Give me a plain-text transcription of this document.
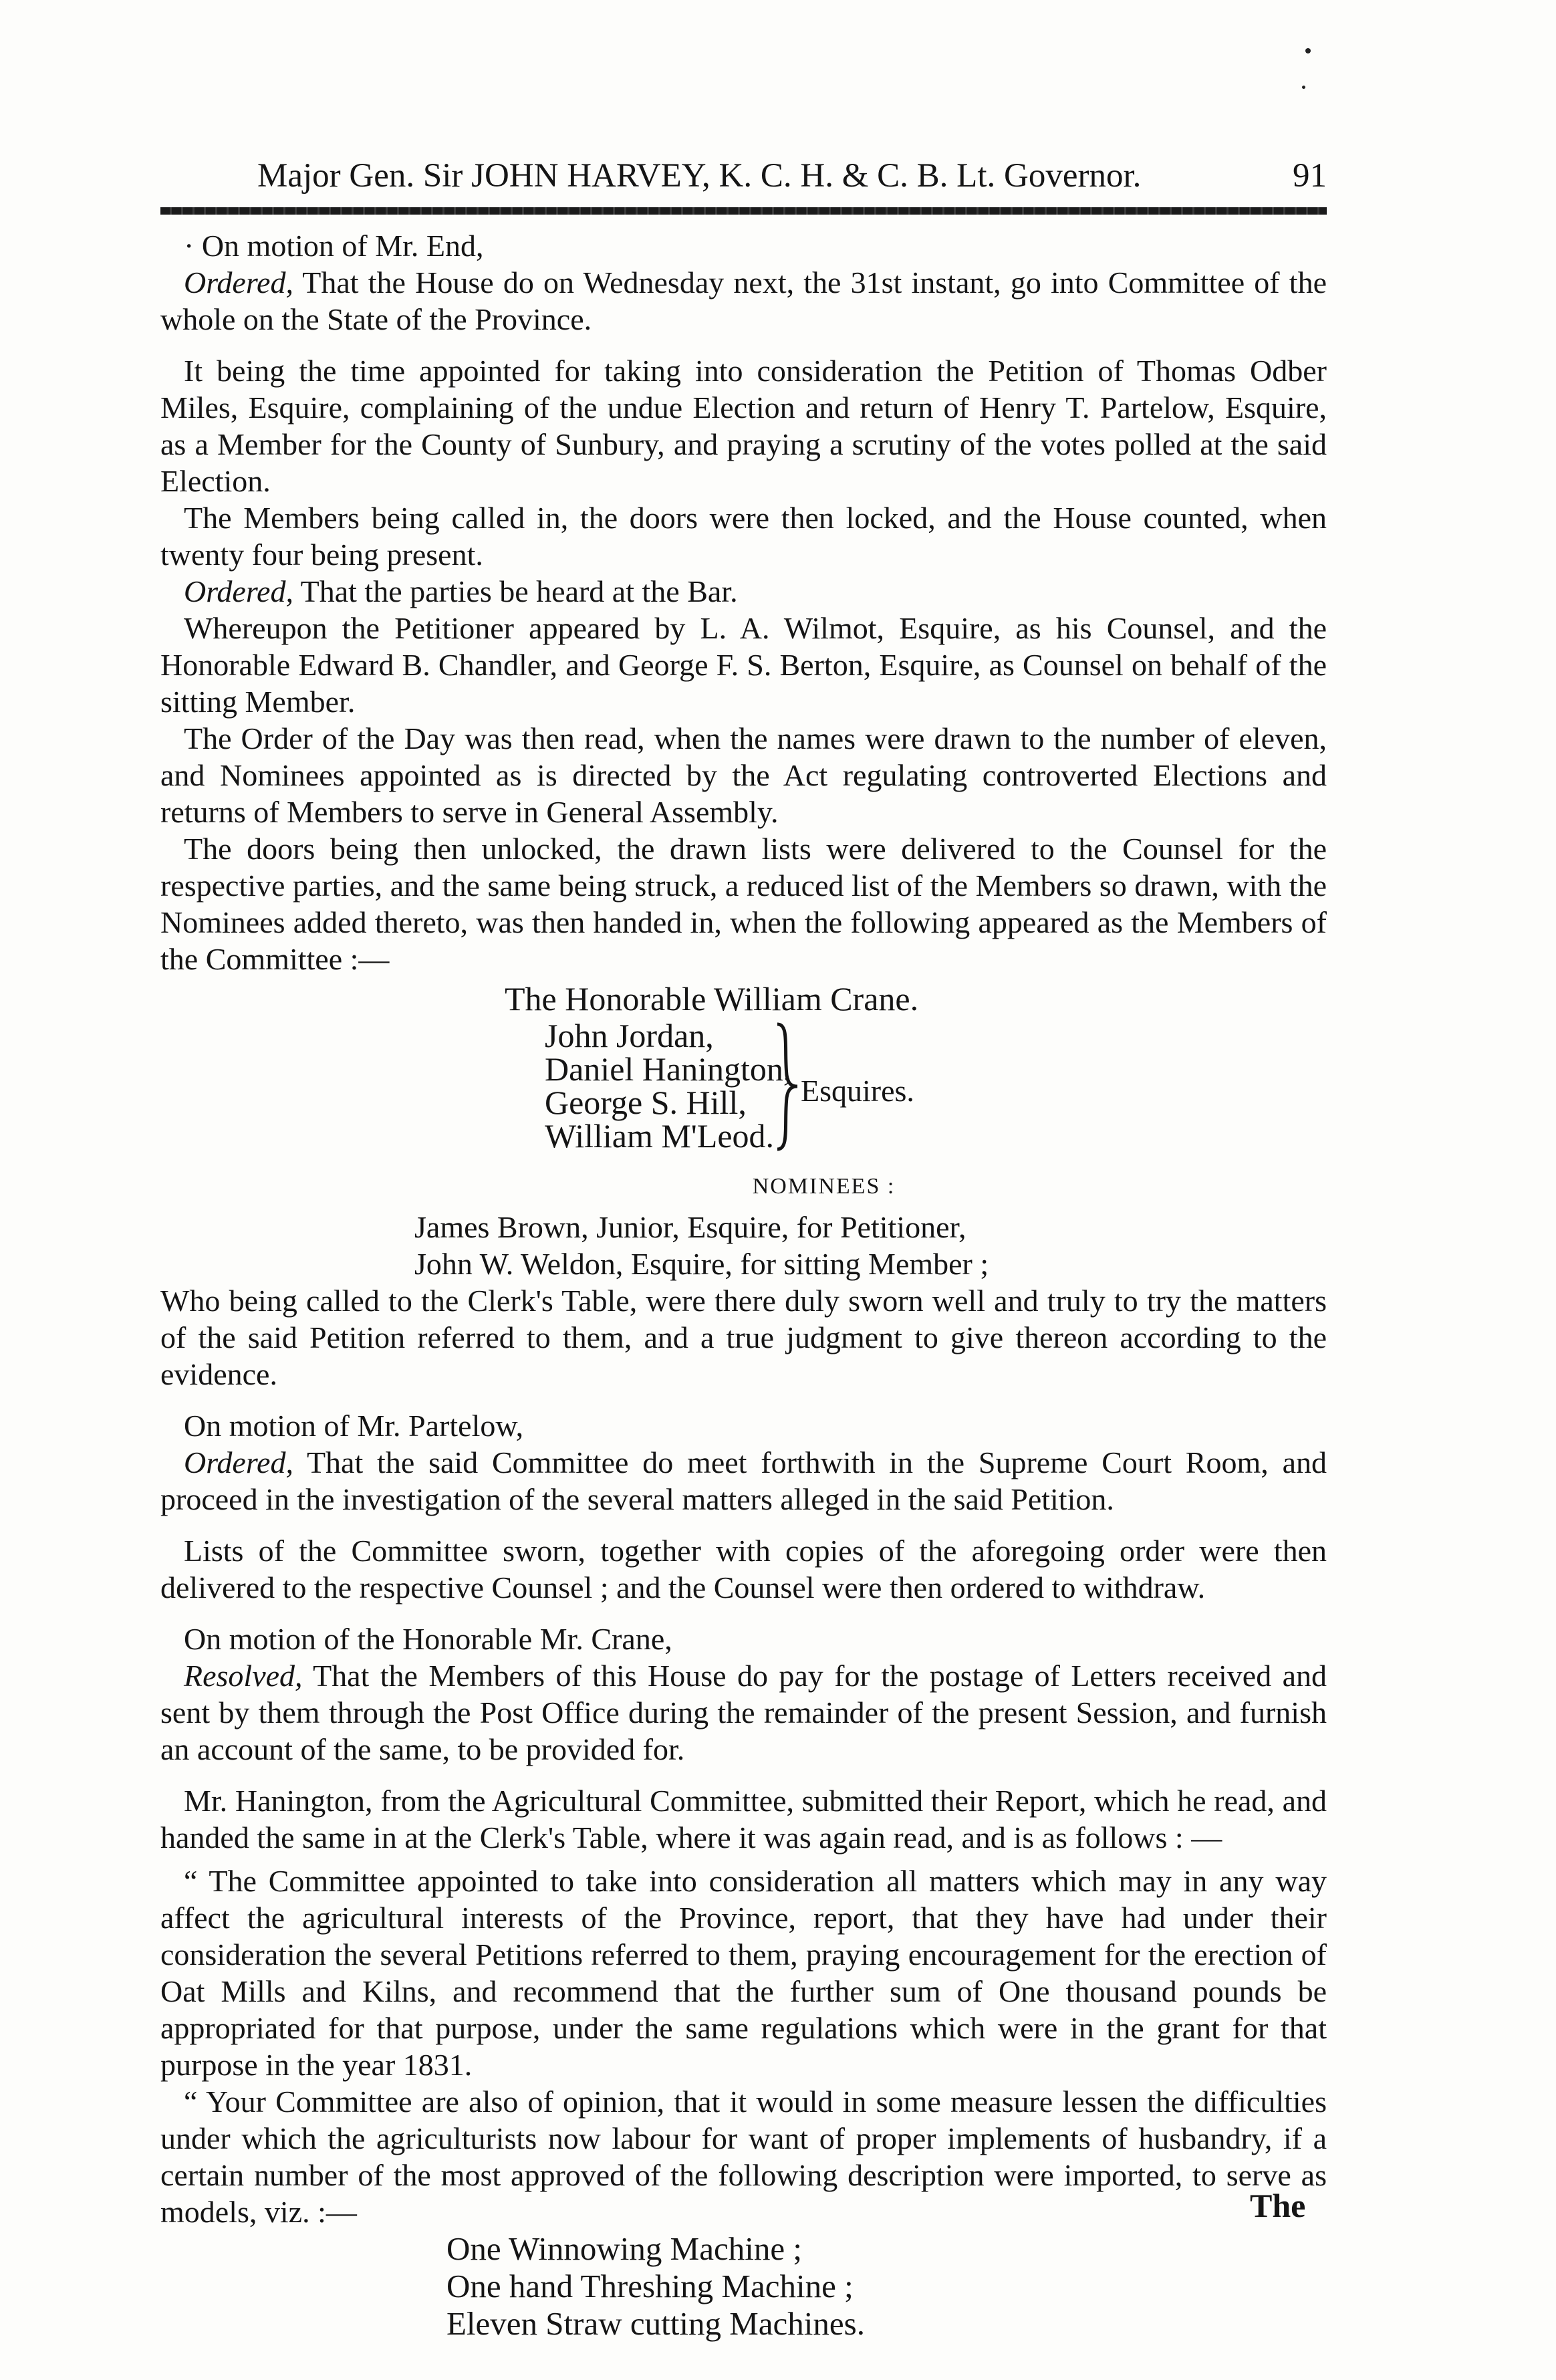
Major Gen. Sir JOHN HARVEY, K. C. H. & C. B. Lt. Governor.	91

· On motion of Mr. End,

Ordered, That the House do on Wednesday next, the 31st instant, go into Committee of the whole on the State of the Province.

It being the time appointed for taking into consideration the Petition of Thomas Odber Miles, Esquire, complaining of the undue Election and return of Henry T. Partelow, Esquire, as a Member for the County of Sunbury, and praying a scrutiny of the votes polled at the said Election.

The Members being called in, the doors were then locked, and the House counted, when twenty four being present.

Ordered, That the parties be heard at the Bar.

Whereupon the Petitioner appeared by L. A. Wilmot, Esquire, as his Counsel, and the Honorable Edward B. Chandler, and George F. S. Berton, Esquire, as Counsel on behalf of the sitting Member.

The Order of the Day was then read, when the names were drawn to the number of eleven, and Nominees appointed as is directed by the Act regulating controverted Elections and returns of Members to serve in General Assembly.

The doors being then unlocked, the drawn lists were delivered to the Counsel for the respective parties, and the same being struck, a reduced list of the Members so drawn, with the Nominees added thereto, was then handed in, when the following appeared as the Members of the Committee :—

The Honorable William Crane.
John Jordan,
Daniel Hanington,
George S. Hill,
William M'Leod.
Esquires.
NOMINEES :
James Brown, Junior, Esquire, for Petitioner,
John W. Weldon, Esquire, for sitting Member ;

Who being called to the Clerk's Table, were there duly sworn well and truly to try the matters of the said Petition referred to them, and a true judgment to give thereon according to the evidence.

On motion of Mr. Partelow,

Ordered, That the said Committee do meet forthwith in the Supreme Court Room, and proceed in the investigation of the several matters alleged in the said Petition.

Lists of the Committee sworn, together with copies of the aforegoing order were then delivered to the respective Counsel ; and the Counsel were then ordered to withdraw.

On motion of the Honorable Mr. Crane,

Resolved, That the Members of this House do pay for the postage of Letters received and sent by them through the Post Office during the remainder of the present Session, and furnish an account of the same, to be provided for.

Mr. Hanington, from the Agricultural Committee, submitted their Report, which he read, and handed the same in at the Clerk's Table, where it was again read, and is as follows : —

“ The Committee appointed to take into consideration all matters which may in any way affect the agricultural interests of the Province, report, that they have had under their consideration the several Petitions referred to them, praying encouragement for the erection of Oat Mills and Kilns, and recommend that the further sum of One thousand pounds be appropriated for that purpose, under the same regulations which were in the grant for that purpose in the year 1831.

“ Your Committee are also of opinion, that it would in some measure lessen the difficulties under which the agriculturists now labour for want of proper implements of husbandry, if a certain number of the most approved of the following description were imported, to serve as models, viz. :—

One Winnowing Machine ;
One hand Threshing Machine ;
Eleven Straw cutting Machines.
The
